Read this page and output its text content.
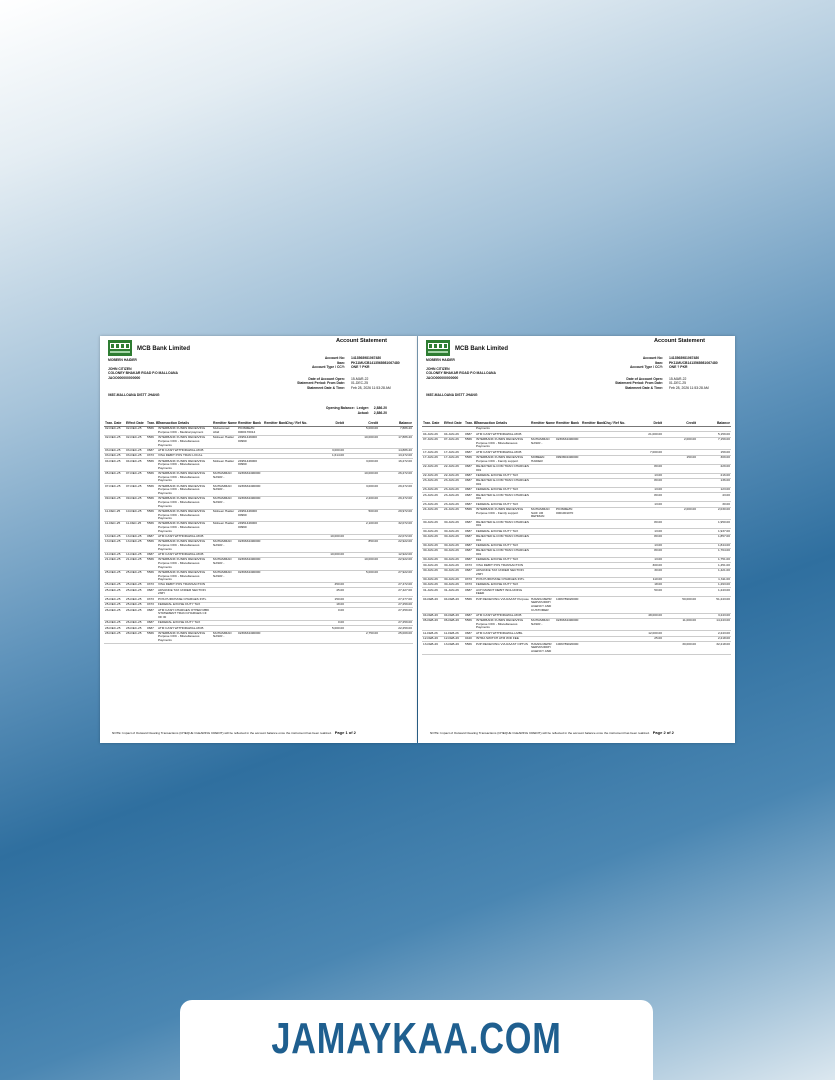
MCB Bank Limited
Account Statement
MOBEEN HAIDER
JOHN CITIZEN
COLONEY BHAKAR ROAD P.O MALLOANA
JAOO000000000000
0687-MALLOANA DISTT JHANG
Account No:	1413568981067480
Iban:	PK11MUCB1413568981067480
Account Type / CCY:	ONE ? PKR
Date of Account Open:	15-MAR-22
Statement Period: From Date:	01-DEC-25
Statement Date & Time:	Feb 28, 2026 11:53:28 AM
Opening Balance: Ledger: 2,886.20
Actual: 2,886.20
Tran. Date	Effect Date	Tran. Br.	Transaction Details	Remitter Name	Remitter Bank	Remitter Bank	Chq / Ref No.	Debit	Credit	Balance
02-DEC-25	02-DEC-25	5566	INTERBANK FUNDS RECEIVING Purpose CDC - Medical payment	Muhammad Abid	PK36MEZN 0000170014				5,000.00	7,886.20
02-DEC-25	02-DEC-25	5566	INTERBANK FUNDS RECEIVING Purpose CDC - Miscellaneous Payments	Mobeen Haider	24951449000 00990				10,000.00	17,886.20
03-DEC-25	03-DEC-25	0687	ATM CASH WITHDRAWAL-MCB					3,000.00		14,886.20
03-DEC-25	03-DEC-25	0373	VISA DEBIT POS TRAN LOCAL					1,614.00		13,272.00
04-DEC-25	04-DEC-25	5566	INTERBANK FUNDS RECEIVING Purpose CDC - Miscellaneous Payments	Mobeen Haider	24951449000 00990				3,000.00	16,272.00
05-DEC-25	07-DEC-25	5566	INTERBANK FUNDS RECEIVING Purpose CDC - Miscellaneous Payments	MUHAMMAD NASIR -	0239634490000				10,000.00	26,272.00
07-DEC-25	07-DEC-25	5566	INTERBANK FUNDS RECEIVING Purpose CDC - Miscellaneous Payments	MUHAMMAD NASIR -	0239634490000				3,000.00	29,272.00
09-DEC-25	09-DEC-25	5566	INTERBANK FUNDS RECEIVING Purpose CDC - Miscellaneous Payments	MUHAMMAD NASIR -	0239634490000				2,200.00	29,472.00
11-DEC-25	10-DEC-25	5566	INTERBANK FUNDS RECEIVING Purpose CDC - Miscellaneous Payments	Mobeen Haider	24951449000 00990				500.00	29,972.00
11-DEC-25	11-DEC-25	5566	INTERBANK FUNDS RECEIVING Purpose CDC - Miscellaneous Payments	Mobeen Haider	24951449000 00990				2,100.00	32,072.00
13-DEC-25	13-DEC-25	0687	ATM CASH WITHDRAWAL-MCB					10,000.00		22,072.00
13-DEC-25	13-DEC-25	5566	INTERBANK FUNDS RECEIVING Purpose CDC - Miscellaneous Payments	MUHAMMAD NASIR -	0239634490000				850.00	22,922.00
14-DEC-25	14-DEC-25	0687	ATM CASH WITHDRAWAL-MCB					10,000.00		12,922.00
21-DEC-25	21-DEC-25	5566	INTERBANK FUNDS RECEIVING Purpose CDC - Miscellaneous Payments	MUHAMMAD NASIR -	0239634490000				10,000.00	22,922.00
25-DEC-25	25-DEC-25	5566	INTERBANK FUNDS RECEIVING Purpose CDC - Miscellaneous Payments	MUHAMMAD NASIR -	0239634490000				5,000.00	27,922.00
25-DEC-25	25-DEC-25	0373	VISA DEBIT POS TRANSACTION					450.00		27,472.00
25-DEC-25	25-DEC-25	0687	ADVANCE TAX UNDER SECTION 236Y					45.00		27,427.00
25-DEC-25	25-DEC-25	0373	POS PURCHASE CHARGES INTL					150.00		27,277.00
25-DEC-25	25-DEC-25	0373	FEDERAL EXCISE DUTY TAX					18.00		27,259.00
26-DEC-25	26-DEC-25	0687	ATM CASH CHARGES OTHER MBK STATEMENT TRAN CHARGES CF OF ID					0.00		27,259.00
26-DEC-25	26-DEC-25	0687	FEDERAL EXCISE DUTY TAX					0.00		27,259.00
28-DEC-25	28-DEC-25	0687	ATM CASH WITHDRAWAL-MCB					5,000.00		22,259.00
28-DEC-25	28-DEC-25	5566	INTERBANK FUNDS RECEIVING Purpose CDC - Miscellaneous Payments	MUHAMMAD NASIR -	0239634490000				2,750.00	25,009.00
NOTE: Impact of Outward Clearing Transactions (CHEQUE CLEARING CREDIT) will be reflected in the account balance once the instrument has been realized. Page 1 of 2
MCB Bank Limited
Account Statement
MOBEEN HAIDER
JOHN CITIZEN
COLONEY BHAKAR ROAD P.O MALLOANA
JAOO000000000000
0687-MALLOANA DISTT JHANG
Account No:	1413568981067480
Iban:	PK11MUCB1413568981067480
Account Type / CCY:	ONE ? PKR
Date of Account Open:	15-MAR-22
Statement Period: From Date:	01-DEC-25
Statement Date & Time:	Feb 28, 2026 11:53:28 AM
Tran. Date	Effect Date	Tran. Br.	Transaction Details	Remitter Name	Remitter Bank	Remitter Bank	Chq / Ref No.	Debit	Credit	Balance
			Payments							
04-JAN-26	04-JAN-26	0687	ATM CASH WITHDRAWAL-MCB					21,000.00		5,159.00
07-JAN-26	07-JAN-26	5566	INTERBANK FUNDS RECEIVING Purpose CDC - Miscellaneous Payments	MUHAMMAD NASIR -	0239634490000				2,000.00	7,159.00
17-JAN-26	17-JAN-26	0687	ATM CASH WITHDRAWAL-MCB					7,000.00		159.00
17-JAN-26	17-JAN-26	5566	INTERBANK FUNDS RECEIVING Purpose CDC - Family support	MOBEEN HAIDER	0993804490000				150.00	309.00
22-JAN-26	22-JAN-26	0687	REJECTED E-COM TRAN CHARGES 001					80.00		229.00
22-JAN-26	22-JAN-26	0687	FEDERAL EXCISE DUTY TAX					13.00		216.00
23-JAN-26	23-JAN-26	0687	REJECTED E-COM TRAN CHARGES 001					80.00		136.00
23-JAN-26	23-JAN-26	0687	FEDERAL EXCISE DUTY TAX					13.00		123.00
23-JAN-26	23-JAN-26	0687	REJECTED E-COM TRAN CHARGES 001					80.00		43.00
23-JAN-26	23-JAN-26	0687	FEDERAL EXCISE DUTY TAX					13.00		30.00
24-JAN-26	24-JAN-26	5566	INTERBANK FUNDS RECEIVING Purpose CDC - Family support	MUHAMMAD SAIF UR REHMAN	PK36MEZN 0001001070				2,000.00	2,030.00
30-JAN-26	30-JAN-26	0687	REJECTED E-COM TRAN CHARGES 001					80.00		1,950.00
30-JAN-26	30-JAN-26	0687	FEDERAL EXCISE DUTY TAX					13.00		1,937.00
30-JAN-26	30-JAN-26	0687	REJECTED E-COM TRAN CHARGES 001					80.00		1,857.00
30-JAN-26	30-JAN-26	0687	FEDERAL EXCISE DUTY TAX					13.00		1,844.00
30-JAN-26	30-JAN-26	0687	REJECTED E-COM TRAN CHARGES 001					80.00		1,764.00
30-JAN-26	30-JAN-26	0687	FEDERAL EXCISE DUTY TAX					13.00		1,751.00
30-JAN-26	30-JAN-26	0373	VISA DEBIT POS TRANSACTION					300.00		1,451.00
30-JAN-26	30-JAN-26	0687	ADVANCE TAX UNDER SECTION 236Y					30.00		1,421.00
30-JAN-26	30-JAN-26	0373	POS PURCHASE CHARGES INTL					110.00		1,311.00
30-JAN-26	30-JAN-26	0373	FEDERAL EXCISE DUTY TAX					18.00		1,293.00
31-JAN-26	31-JAN-26	0687	ACH MANDT DEBIT INCLUDING FEED					50.00		1,243.00
04-FEB-26	04-FEB-26	5566	P2P RECEIVING VIA RAAST Purpose	HAMZA MEHR SERVRUDDH AGENCY AND CUSTOMER	1006789020000				50,000.00	51,243.00
04-FEB-26	04-FEB-26	0687	ATM CASH WITHDRAWAL-MCB					48,000.00		3,243.00
06-FEB-26	06-FEB-26	5566	INTERBANK FUNDS RECEIVING Purpose CDC - Miscellaneous Payments	MUHAMMAD NASIR -	0239634490000				11,000.00	14,243.00
11-FEB-26	11-FEB-26	0687	ATM CASH WITHDRAWAL-LMBL					12,000.00		2,243.00
12-FEB-26	12-FEB-26	0420	INTRA SWITCH ATM W/D FEE					25.00		2,218.00
13-FEB-26	13-FEB-26	5566	P2P RECEIVING VIA RAAST OPTUS	HAMZA MEHR SERVRUDDH AGENCY AND	1006789020000				30,000.00	32,218.00
NOTE: Impact of Outward Clearing Transactions (CHEQUE CLEARING CREDIT) will be reflected in the account balance once the instrument has been realized. Page 2 of 2
JAMAYKAA.COM
